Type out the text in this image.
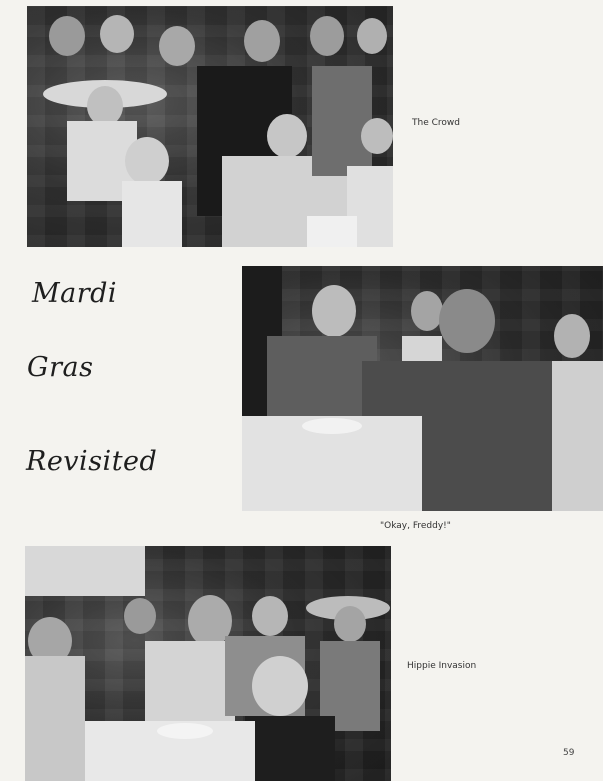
The Crowd
Mardi
Gras
Revisited
"Okay, Freddy!"
Hippie Invasion
59
